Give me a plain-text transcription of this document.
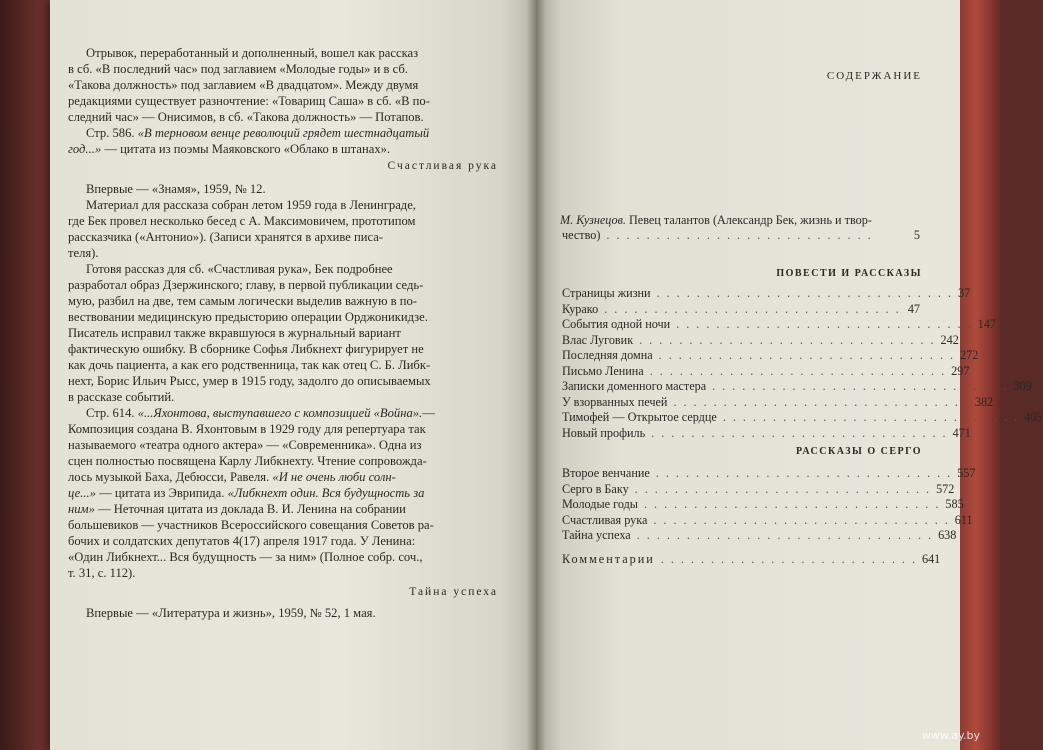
Отрывок, переработанный и дополненный, вошел как рассказ

в сб. «В последний час» под заглавием «Молодые годы» и в сб.

«Такова должность» под заглавием «В двадцатом». Между двумя

редакциями существует разночтение: «Товарищ Саша» в сб. «В по-

следний час» — Онисимов, в сб. «Такова должность» — Потапов.

Стр. 586. «В терновом венце революций грядет шестнадцатый

год...» — цитата из поэмы Маяковского «Облако в штанах».

Счастливая рука

Впервые — «Знамя», 1959, № 12.

Материал для рассказа собран летом 1959 года в Ленинграде,

где Бек провел несколько бесед с А. Максимовичем, прототипом

рассказчика («Антонио»). (Записи хранятся в архиве писа-

теля).

Готовя рассказ для сб. «Счастливая рука», Бек подробнее

разработал образ Дзержинского; главу, в первой публикации седь-

мую, разбил на две, тем самым логически выделив важную в по-

вествовании медицинскую предысторию операции Орджоникидзе.

Писатель исправил также вкравшуюся в журнальный вариант

фактическую ошибку. В сборнике Софья Либкнехт фигурирует не

как дочь пациента, а как его родственница, так как отец С. Б. Либк-

нехт, Борис Ильич Рысс, умер в 1915 году, задолго до описываемых

в рассказе событий.

Стр. 614. «...Яхонтова, выступавшего с композицией «Война».—

Композиция создана В. Яхонтовым в 1929 году для репертуара так

называемого «театра одного актера» — «Современника». Одна из

сцен полностью посвящена Карлу Либкнехту. Чтение сопровожда-

лось музыкой Баха, Дебюсси, Равеля. «И не очень люби солн-

це...» — цитата из Эврипида. «Либкнехт один. Вся будущность за

ним» — Неточная цитата из доклада В. И. Ленина на собрании

большевиков — участников Всероссийского совещания Советов ра-

бочих и солдатских депутатов 4(17) апреля 1917 года. У Ленина:

«Один Либкнехт... Вся будущность — за ним» (Полное собр. соч.,

т. 31, с. 112).

Тайна успеха

Впервые — «Литература и жизнь», 1959, № 52, 1 мая.

СОДЕРЖАНИЕ

М. Кузнецов. Певец талантов (Александр Бек, жизнь и твор-

чество) ...........................	5
ПОВЕСТИ И РАССКАЗЫ
Страницы жизни .............................. 37
Курако .............................. 47
События одной ночи .............................. 147
Влас Луговик .............................. 242
Последняя домна .............................. 272
Письмо Ленина .............................. 297
Записки доменного мастера .............................. 309
У взорванных печей .............................. 382
Тимофей — Открытое сердце .............................. 405
Новый профиль .............................. 471
РАССКАЗЫ О СЕРГО
Второе венчание .............................. 557
Серго в Баку .............................. 572
Молодые годы .............................. 585
Счастливая рука .............................. 611
Тайна успеха .............................. 638
Комментарии .......................... 641
www.ay.by
